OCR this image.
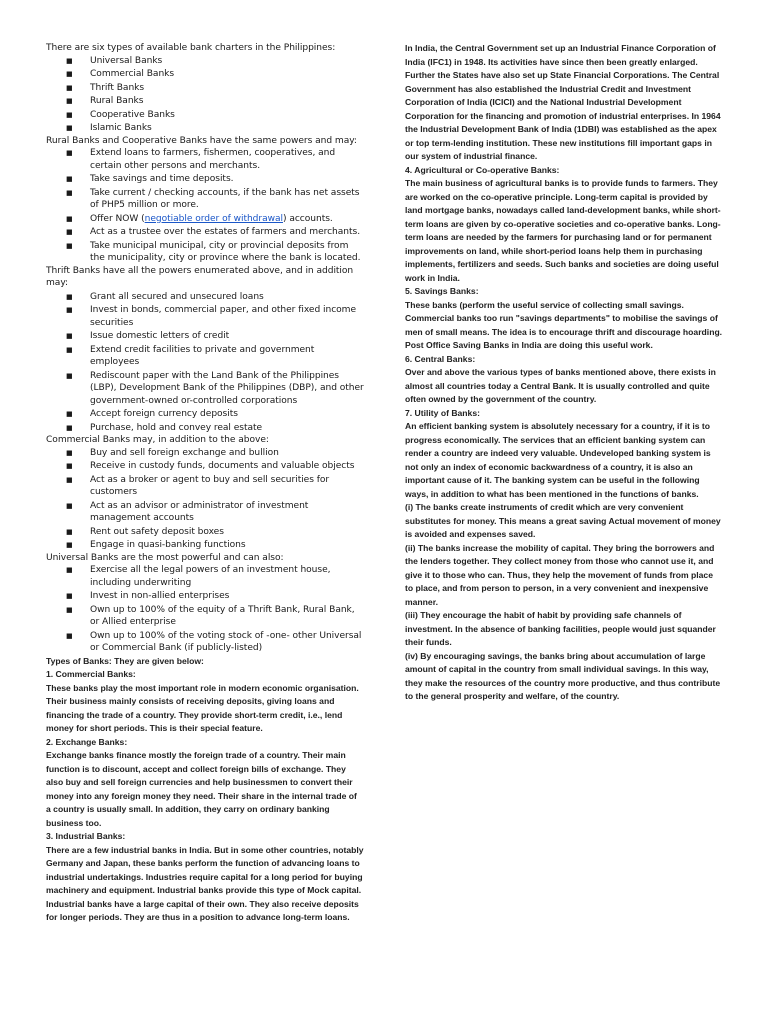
There are six types of available bank charters in the Philippines:

■ Universal Banks
■ Commercial Banks
■ Thrift Banks
■ Rural Banks
■ Cooperative Banks
■ Islamic Banks

Rural Banks and Cooperative Banks have the same powers and may:

■ Extend loans to farmers, fishermen, cooperatives, and certain other persons and merchants.
■ Take savings and time deposits.
■ Take current / checking accounts, if the bank has net assets of PHP5 million or more.
■ Offer NOW (negotiable order of withdrawal) accounts.
■ Act as a trustee over the estates of farmers and merchants.
■ Take municipal municipal, city or provincial deposits from the municipality, city or province where the bank is located.

Thrift Banks have all the powers enumerated above, and in addition may:

■ Grant all secured and unsecured loans
■ Invest in bonds, commercial paper, and other fixed income securities
■ Issue domestic letters of credit
■ Extend credit facilities to private and government employees
■ Rediscount paper with the Land Bank of the Philippines (LBP), Development Bank of the Philippines (DBP), and other government-owned or-controlled corporations
■ Accept foreign currency deposits
■ Purchase, hold and convey real estate

Commercial Banks may, in addition to the above:

■ Buy and sell foreign exchange and bullion
■ Receive in custody funds, documents and valuable objects
■ Act as a broker or agent to buy and sell securities for customers
■ Act as an advisor or administrator of investment management accounts
■ Rent out safety deposit boxes
■ Engage in quasi-banking functions

Universal Banks are the most powerful and can also:

■ Exercise all the legal powers of an investment house, including underwriting
■ Invest in non-allied enterprises
■ Own up to 100% of the equity of a Thrift Bank, Rural Bank, or Allied enterprise
■ Own up to 100% of the voting stock of -one- other Universal or Commercial Bank (if publicly-listed)

Types of Banks: They are given below:

1. Commercial Banks:

These banks play the most important role in modern economic organisation. Their business mainly consists of receiving deposits, giving loans and financing the trade of a country. They provide short-term credit, i.e., lend money for short periods. This is their special feature.

2. Exchange Banks:

Exchange banks finance mostly the foreign trade of a country. Their main function is to discount, accept and collect foreign bills of exchange. They also buy and sell foreign currencies and help businessmen to convert their money into any foreign money they need. Their share in the internal trade of a country is usually small. In addition, they carry on ordinary banking business too.

3. Industrial Banks:

There are a few industrial banks in India. But in some other countries, notably Germany and Japan, these banks perform the function of advancing loans to industrial undertakings. Industries require capital for a long period for buying machinery and equipment. Industrial banks provide this type of Mock capital. Industrial banks have a large capital of their own. They also receive deposits for longer periods. They are thus in a position to advance long-term loans.

In India, the Central Government set up an Industrial Finance Corporation of India (IFC1) in 1948. Its activities have since then been greatly enlarged. Further the States have also set up State Financial Corporations. The Central Government has also established the Industrial Credit and Investment Corporation of India (ICICI) and the National Industrial Development Corporation for the financing and promotion of industrial enterprises. In 1964 the Industrial Development Bank of India (1DBI) was established as the apex or top term-lending institution. These new institutions fill important gaps in our system of industrial finance.

4. Agricultural or Co-operative Banks:

The main business of agricultural banks is to provide funds to farmers. They are worked on the co-operative principle. Long-term capital is provided by land mortgage banks, nowadays called land-development banks, while short-term loans are given by co-operative societies and co-operative banks. Long-term loans are needed by the farmers for purchasing land or for permanent improvements on land, while short-period loans help them in purchasing implements, fertilizers and seeds. Such banks and societies are doing useful work in India.

5. Savings Banks:

These banks (perform the useful service of collecting small savings. Commercial banks too run "savings departments" to mobilise the savings of men of small means. The idea is to encourage thrift and discourage hoarding. Post Office Saving Banks in India are doing this useful work.

6. Central Banks:

Over and above the various types of banks mentioned above, there exists in almost all countries today a Central Bank. It is usually controlled and quite often owned by the government of the country.

7. Utility of Banks:

An efficient banking system is absolutely necessary for a country, if it is to progress economically. The services that an efficient banking system can render a country are indeed very valuable. Undeveloped banking system is not only an index of economic backwardness of a country, it is also an important cause of it. The banking system can be useful in the following ways, in addition to what has been mentioned in the functions of banks.

(i) The banks create instruments of credit which are very convenient substitutes for money. This means a great saving Actual movement of money is avoided and expenses saved.

(ii) The banks increase the mobility of capital. They bring the borrowers and the lenders together. They collect money from those who cannot use it, and give it to those who can. Thus, they help the movement of funds from place to place, and from person to person, in a very convenient and inexpensive manner.

(iii) They encourage the habit of habit by providing safe channels of investment. In the absence of banking facilities, people would just squander their funds.

(iv) By encouraging savings, the banks bring about accumulation of large amount of capital in the country from small individual savings. In this way, they make the resources of the country more productive, and thus contribute to the general prosperity and welfare, of the country.
